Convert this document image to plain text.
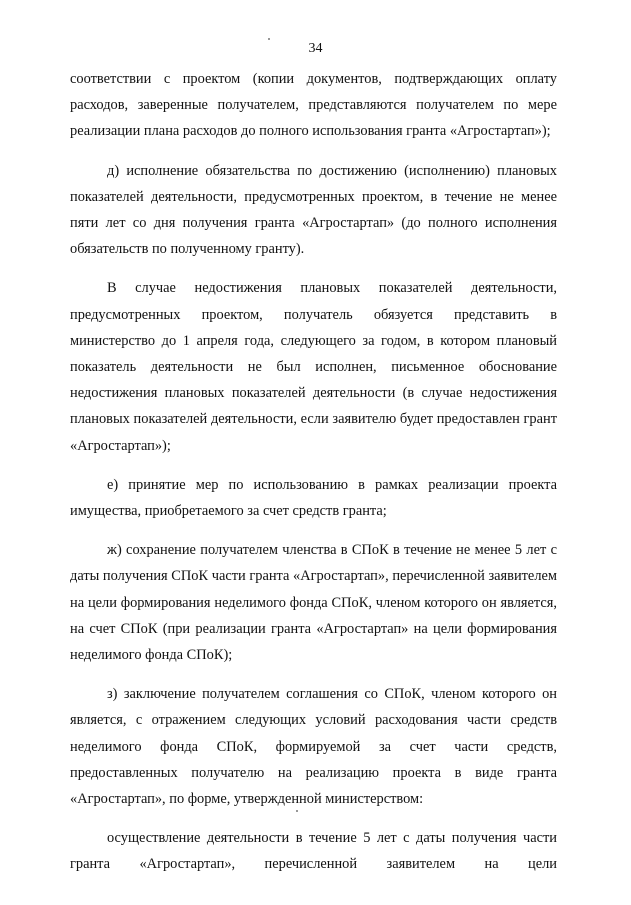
34

соответствии с проектом (копии документов, подтверждающих оплату расходов, заверенные получателем, представляются получателем по мере реализации плана расходов до полного использования гранта «Агростартап»);

д) исполнение обязательства по достижению (исполнению) плановых показателей деятельности, предусмотренных проектом, в течение не менее пяти лет со дня получения гранта «Агростартап» (до полного исполнения обязательств по полученному гранту).

В случае недостижения плановых показателей деятельности, предусмотренных проектом, получатель обязуется представить в министерство до 1 апреля года, следующего за годом, в котором плановый показатель деятельности не был исполнен, письменное обоснование недостижения плановых показателей деятельности (в случае недостижения плановых показателей деятельности, если заявителю будет предоставлен грант «Агростартап»);

е) принятие мер по использованию в рамках реализации проекта имущества, приобретаемого за счет средств гранта;

ж) сохранение получателем членства в СПоК в течение не менее 5 лет с даты получения СПоК части гранта «Агростартап», перечисленной заявителем на цели формирования неделимого фонда СПоК, членом которого он является, на счет СПоК (при реализации гранта «Агростартап» на цели формирования неделимого фонда СПоК);

з) заключение получателем соглашения со СПоК, членом которого он является, с отражением следующих условий расходования части средств неделимого фонда СПоК, формируемой за счет части средств, предоставленных получателю на реализацию проекта в виде гранта «Агростартап», по форме, утвержденной министерством:

осуществление деятельности в течение 5 лет с даты получения части гранта «Агростартап», перечисленной заявителем на цели
